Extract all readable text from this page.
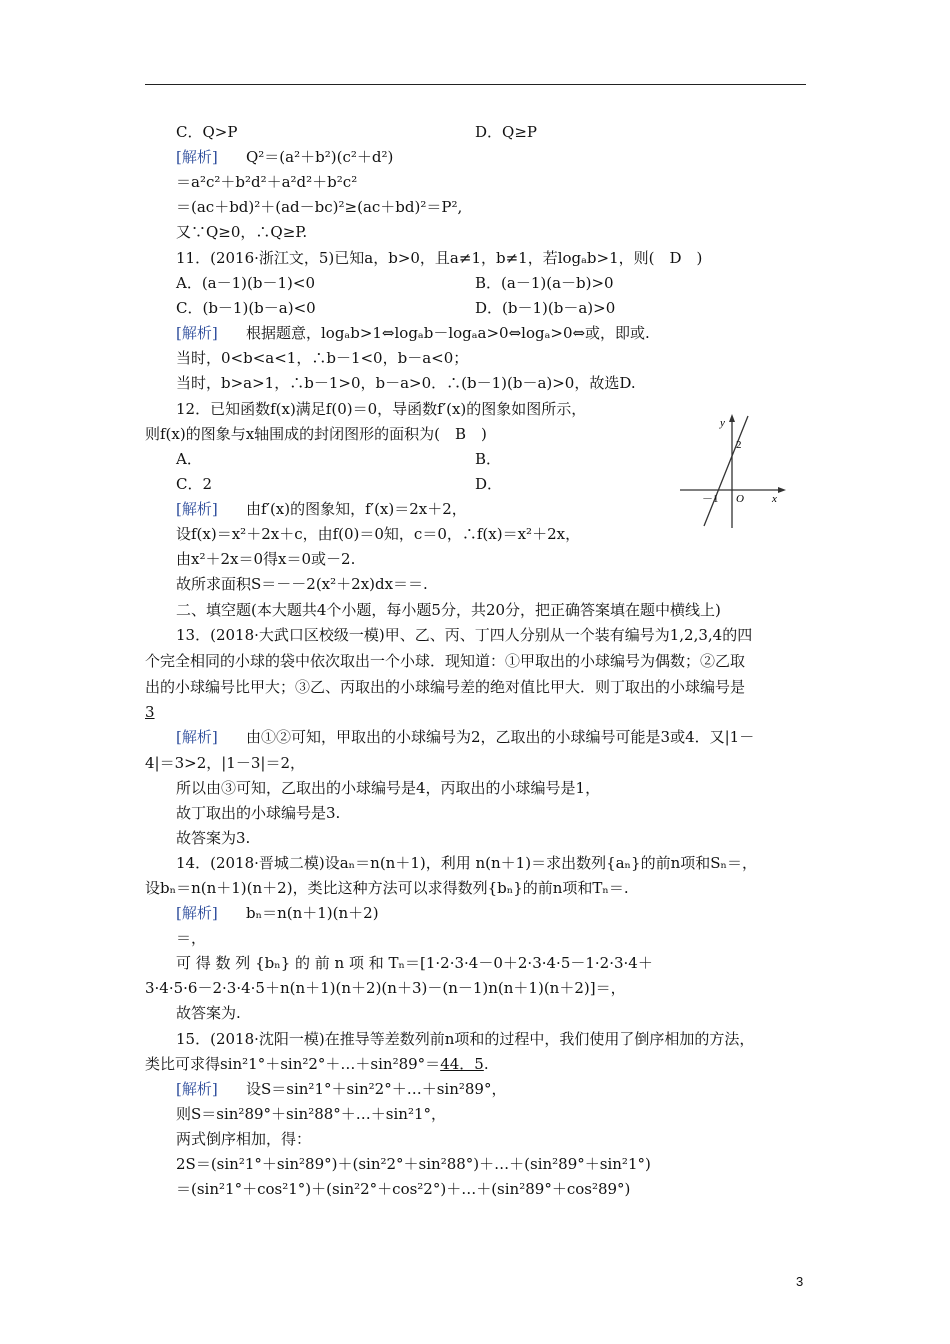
C．Q>P	D．Q≥P
[解析] Q²＝(a²＋b²)(c²＋d²)
＝a²c²＋b²d²＋a²d²＋b²c²
＝(ac＋bd)²＋(ad－bc)²≥(ac＋bd)²＝P²,
又∵Q≥0，∴Q≥P.
11．(2016·浙江文，5)已知a，b>0，且a≠1，b≠1，若logₐb>1，则(　D　)
A．(a－1)(b－1)<0	B．(a－1)(a－b)>0
C．(b－1)(b－a)<0	D．(b－1)(b－a)>0
[解析] 根据题意，logₐb>1⇔logₐb－logₐa>0⇔logₐ>0⇔或，即或.
当时，0<b<a<1，∴b－1<0，b－a<0；
当时，b>a>1，∴b－1>0，b－a>0．∴(b－1)(b－a)>0，故选D.
12．已知函数f(x)满足f(0)＝0，导函数f′(x)的图象如图所示，
则f(x)的图象与x轴围成的封闭图形的面积为(　B　)
A．	B．
C．2	D．
[解析] 由f′(x)的图象知，f′(x)＝2x＋2，
设f(x)＝x²＋2x＋c，由f(0)＝0知，c＝0，∴f(x)＝x²＋2x，
由x²＋2x＝0得x＝0或－2.
故所求面积S＝－－2(x²＋2x)dx＝＝.
y
2
O
－1	x
二、填空题(本大题共4个小题，每小题5分，共20分，把正确答案填在题中横线上)
13．(2018·大武口区校级一模)甲、乙、丙、丁四人分别从一个装有编号为1,2,3,4的四
个完全相同的小球的袋中依次取出一个小球．现知道：①甲取出的小球编号为偶数；②乙取
出的小球编号比甲大；③乙、丙取出的小球编号差的绝对值比甲大．则丁取出的小球编号是
3
[解析] 由①②可知，甲取出的小球编号为2，乙取出的小球编号可能是3或4．又|1－
4|＝3>2，|1－3|＝2，
所以由③可知，乙取出的小球编号是4，丙取出的小球编号是1，
故丁取出的小球编号是3.
故答案为3.
14．(2018·晋城二模)设aₙ＝n(n＋1)，利用 n(n＋1)＝求出数列{aₙ}的前n项和Sₙ＝，
设bₙ＝n(n＋1)(n＋2)，类比这种方法可以求得数列{bₙ}的前n项和Tₙ＝.
[解析] bₙ＝n(n＋1)(n＋2)
＝，
可 得 数 列 {bₙ} 的 前 n 项 和 Tₙ＝[1·2·3·4－0＋2·3·4·5－1·2·3·4＋
3·4·5·6－2·3·4·5＋n(n＋1)(n＋2)(n＋3)－(n－1)n(n＋1)(n＋2)]＝，
故答案为.
15．(2018·沈阳一模)在推导等差数列前n项和的过程中，我们使用了倒序相加的方法，
类比可求得sin²1°＋sin²2°＋…＋sin²89°＝44．5.
[解析] 设S＝sin²1°＋sin²2°＋…＋sin²89°，
则S＝sin²89°＋sin²88°＋…＋sin²1°，
两式倒序相加，得：
2S＝(sin²1°＋sin²89°)＋(sin²2°＋sin²88°)＋…＋(sin²89°＋sin²1°)
＝(sin²1°＋cos²1°)＋(sin²2°＋cos²2°)＋…＋(sin²89°＋cos²89°)
3
